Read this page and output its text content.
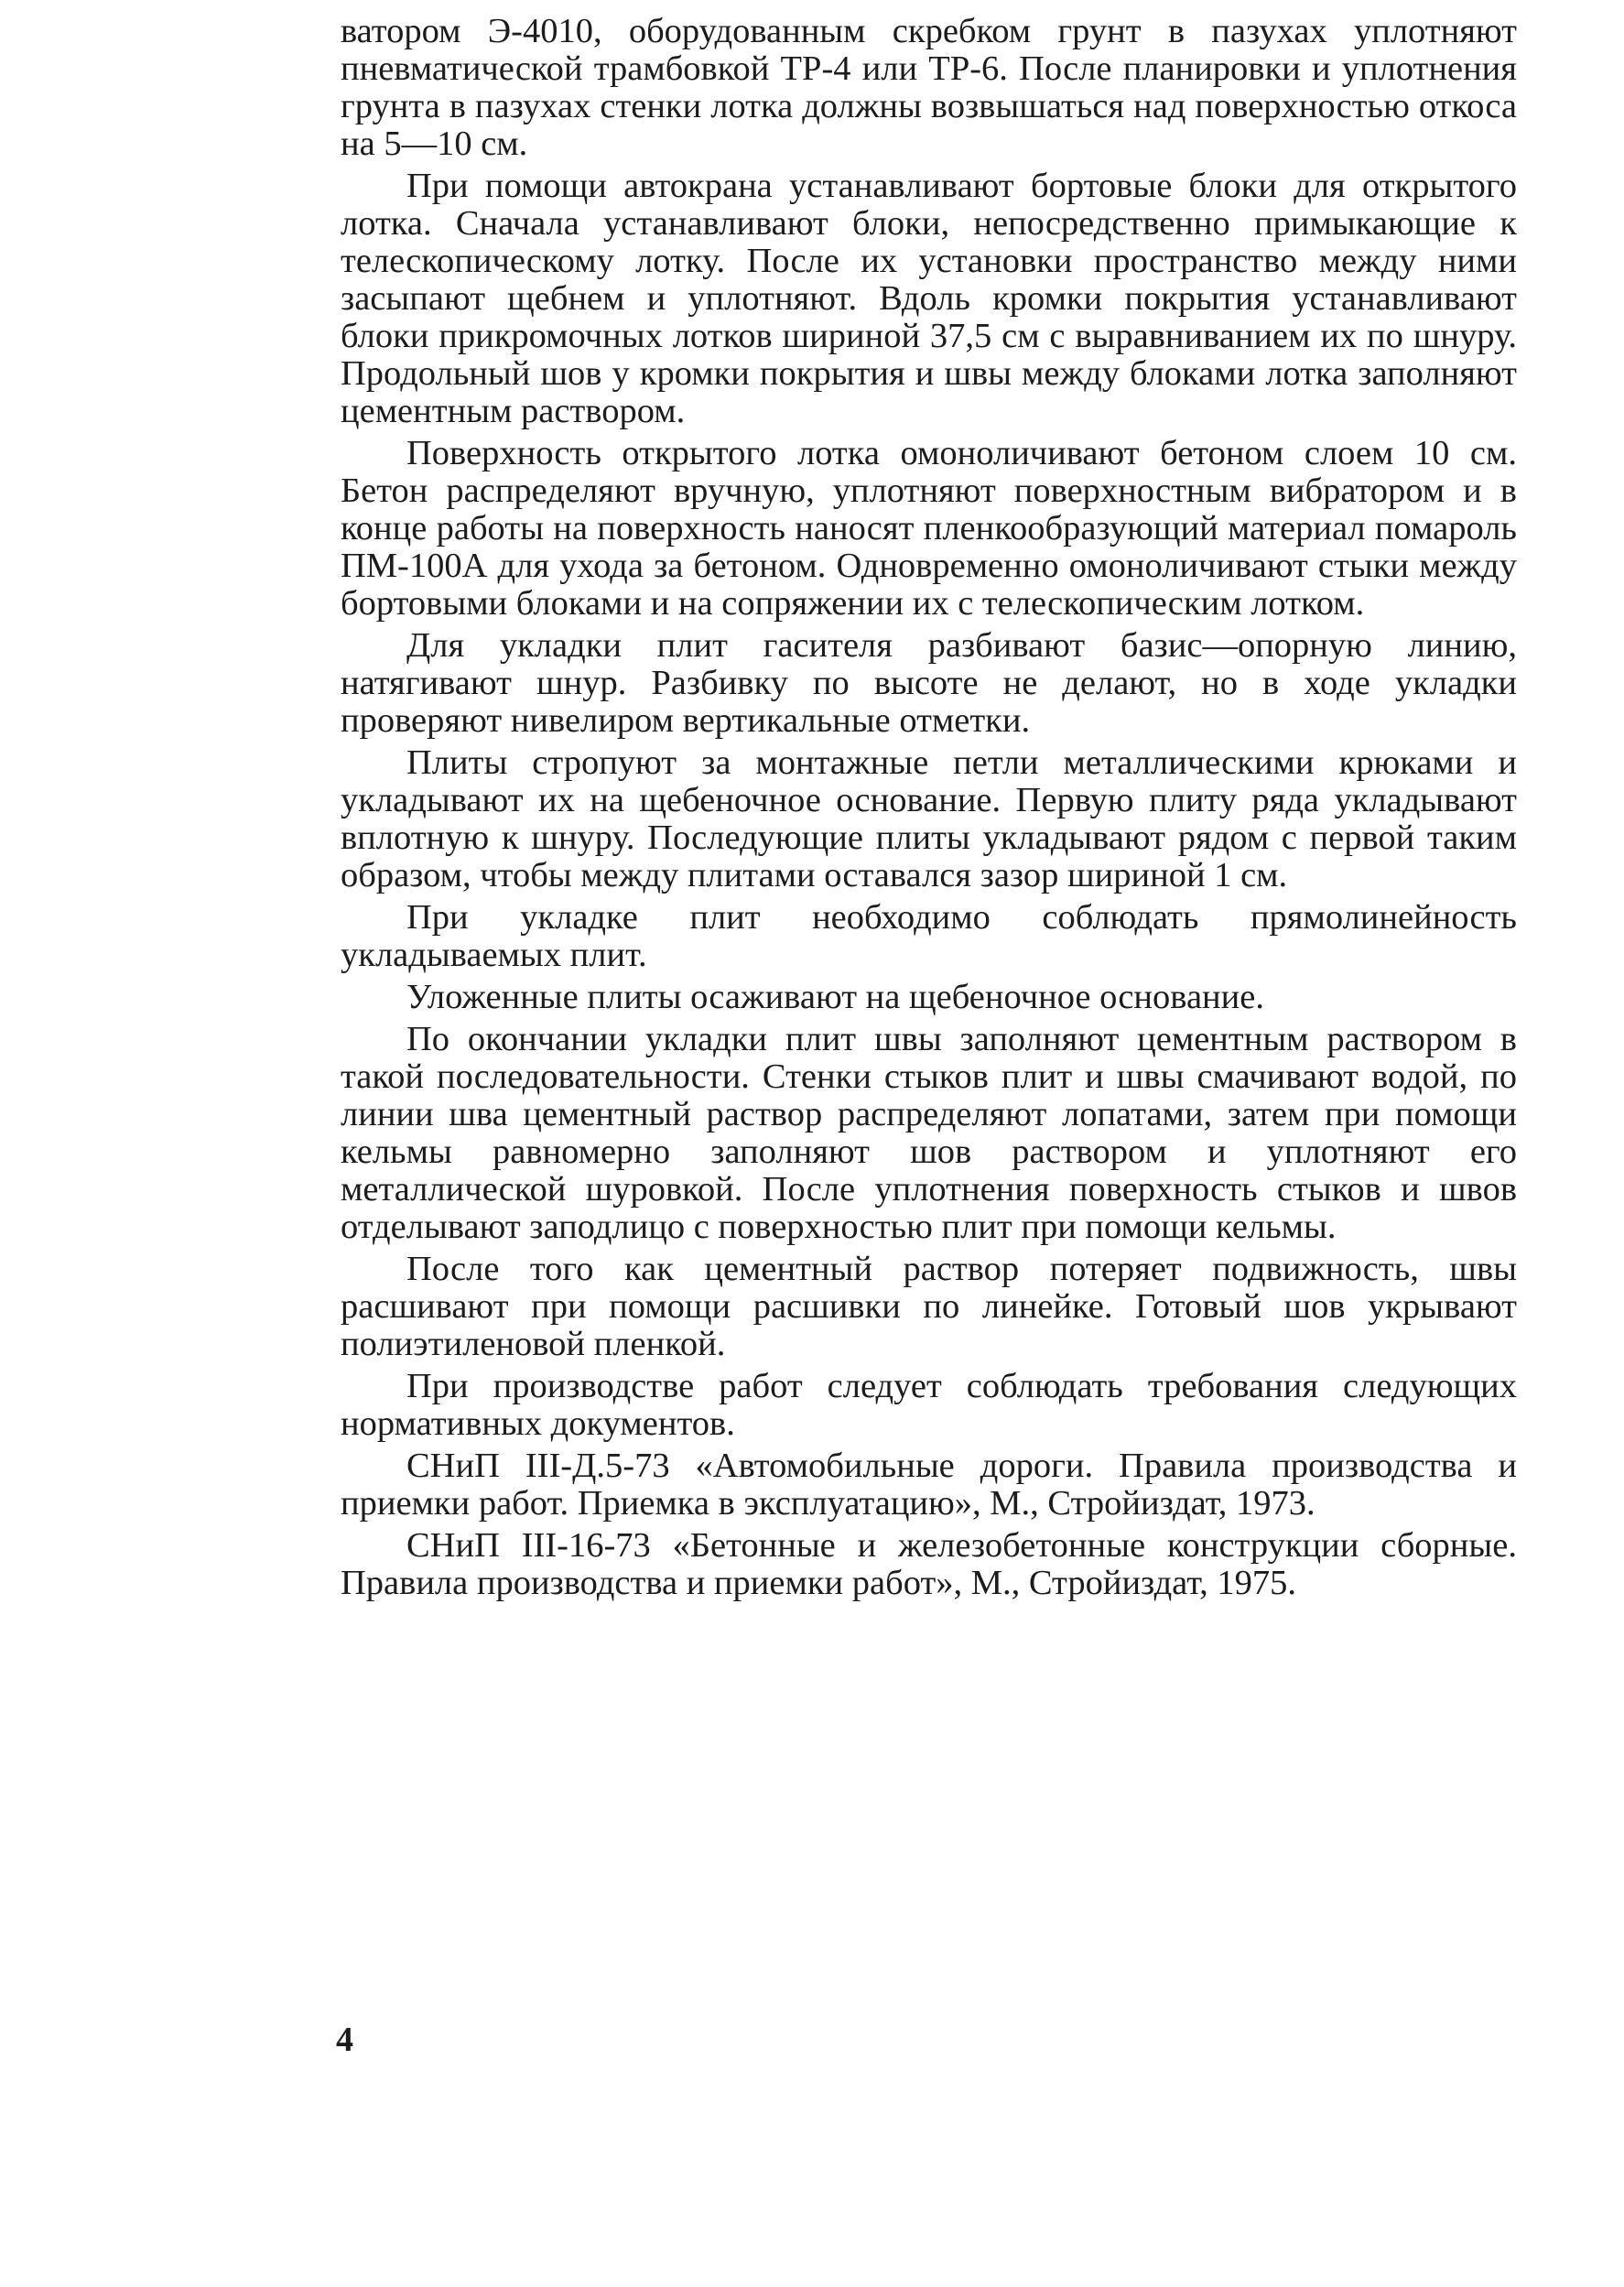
ватором Э-4010, оборудованным скребком грунт в пазухах уплотняют пневматической трамбовкой ТР-4 или ТР-6. После планировки и уплотнения грунта в пазухах стенки лотка должны возвышаться над поверхностью откоса на 5—10 см.

При помощи автокрана устанавливают бортовые блоки для открытого лотка. Сначала устанавливают блоки, непосредственно примыкающие к телескопическому лотку. После их установки пространство между ними засыпают щебнем и уплотняют. Вдоль кромки покрытия устанавливают блоки прикромочных лотков шириной 37,5 см с выравниванием их по шнуру. Продольный шов у кромки покрытия и швы между блоками лотка заполняют цементным раствором.

Поверхность открытого лотка омоноличивают бетоном слоем 10 см. Бетон распределяют вручную, уплотняют поверхностным вибратором и в конце работы на поверхность наносят пленкообразующий материал помароль ПМ-100А для ухода за бетоном. Одновременно омоноличивают стыки между бортовыми блоками и на сопряжении их с телескопическим лотком.

Для укладки плит гасителя разбивают базис—опорную линию, натягивают шнур. Разбивку по высоте не делают, но в ходе укладки проверяют нивелиром вертикальные отметки.

Плиты стропуют за монтажные петли металлическими крюками и укладывают их на щебеночное основание. Первую плиту ряда укладывают вплотную к шнуру. Последующие плиты укладывают рядом с первой таким образом, чтобы между плитами оставался зазор шириной 1 см.

При укладке плит необходимо соблюдать прямолинейность укладываемых плит.

Уложенные плиты осаживают на щебеночное основание.

По окончании укладки плит швы заполняют цементным раствором в такой последовательности. Стенки стыков плит и швы смачивают водой, по линии шва цементный раствор распределяют лопатами, затем при помощи кельмы равномерно заполняют шов раствором и уплотняют его металлической шуровкой. После уплотнения поверхность стыков и швов отделывают заподлицо с поверхностью плит при помощи кельмы.

После того как цементный раствор потеряет подвижность, швы расшивают при помощи расшивки по линейке. Готовый шов укрывают полиэтиленовой пленкой.

При производстве работ следует соблюдать требования следующих нормативных документов.

СНиП III-Д.5-73 «Автомобильные дороги. Правила производства и приемки работ. Приемка в эксплуатацию», М., Стройиздат, 1973.

СНиП III-16-73 «Бетонные и железобетонные конструкции сборные. Правила производства и приемки работ», М., Стройиздат, 1975.

4
